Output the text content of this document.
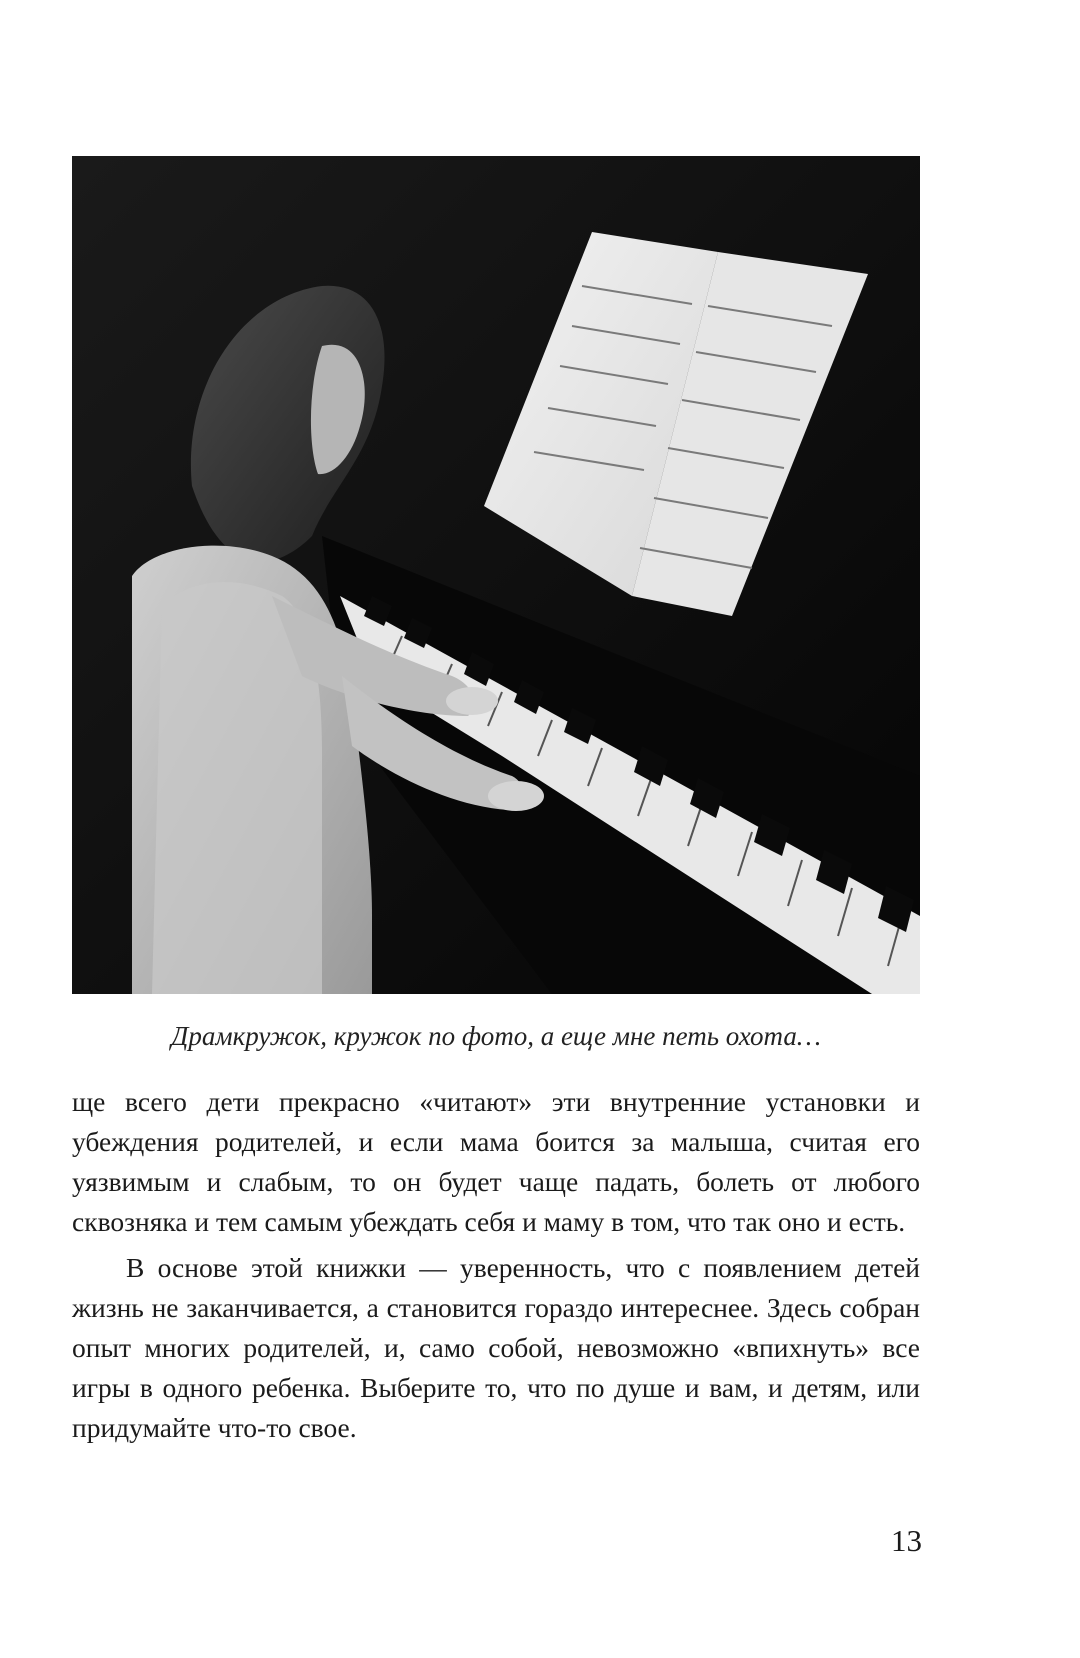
Драмкружок, кружок по фото, а еще мне петь охота…

ще всего дети прекрасно «читают» эти внутренние установки и убеждения родителей, и если мама боится за малыша, считая его уязвимым и слабым, то он будет чаще падать, болеть от любого сквозняка и тем самым убеждать себя и маму в том, что так оно и есть.

В основе этой книжки — уверенность, что с появлением детей жизнь не заканчивается, а становится гораздо интереснее. Здесь собран опыт многих родителей, и, само собой, невозможно «впихнуть» все игры в одного ребенка. Выберите то, что по душе и вам, и детям, или придумайте что-то свое.

13
